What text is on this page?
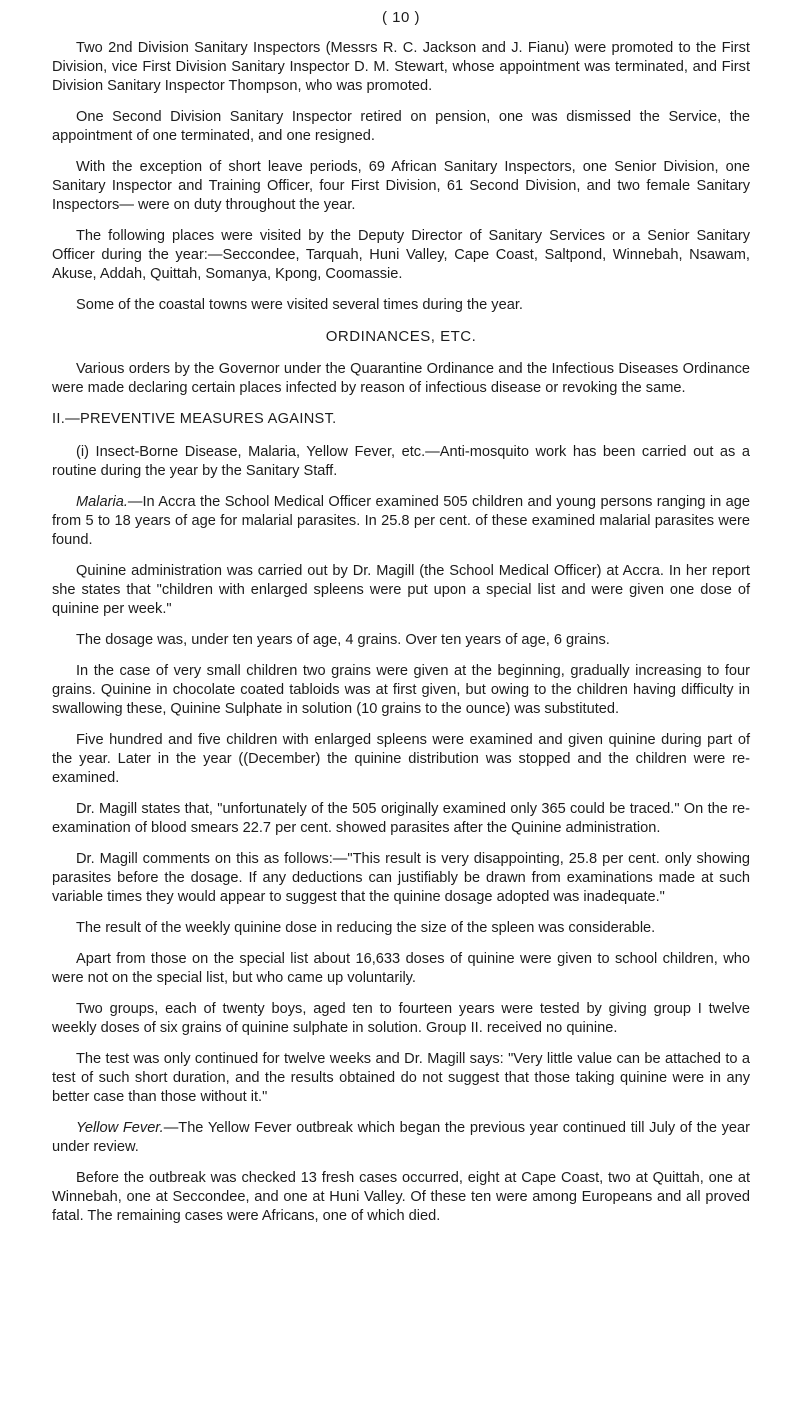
( 10 )

Two 2nd Division Sanitary Inspectors (Messrs R. C. Jackson and J. Fianu) were promoted to the First Division, vice First Division Sanitary Inspector D. M. Stewart, whose appointment was terminated, and First Division Sanitary Inspector Thompson, who was promoted.

One Second Division Sanitary Inspector retired on pension, one was dismissed the Service, the appointment of one terminated, and one resigned.

With the exception of short leave periods, 69 African Sanitary Inspectors, one Senior Division, one Sanitary Inspector and Training Officer, four First Division, 61 Second Division, and two female Sanitary Inspectors— were on duty throughout the year.

The following places were visited by the Deputy Director of Sanitary Services or a Senior Sanitary Officer during the year:—Seccondee, Tarquah, Huni Valley, Cape Coast, Saltpond, Winnebah, Nsawam, Akuse, Addah, Quittah, Somanya, Kpong, Coomassie.

Some of the coastal towns were visited several times during the year.

ORDINANCES, ETC.

Various orders by the Governor under the Quarantine Ordinance and the Infectious Diseases Ordinance were made declaring certain places infected by reason of infectious disease or revoking the same.

II.—PREVENTIVE MEASURES AGAINST.

(i) Insect-Borne Disease, Malaria, Yellow Fever, etc.—Anti-mosquito work has been carried out as a routine during the year by the Sanitary Staff.

Malaria.—In Accra the School Medical Officer examined 505 children and young persons ranging in age from 5 to 18 years of age for malarial parasites. In 25.8 per cent. of these examined malarial parasites were found.

Quinine administration was carried out by Dr. Magill (the School Medical Officer) at Accra. In her report she states that "children with enlarged spleens were put upon a special list and were given one dose of quinine per week."

The dosage was, under ten years of age, 4 grains. Over ten years of age, 6 grains.

In the case of very small children two grains were given at the beginning, gradually increasing to four grains. Quinine in chocolate coated tabloids was at first given, but owing to the children having difficulty in swallowing these, Quinine Sulphate in solution (10 grains to the ounce) was substituted.

Five hundred and five children with enlarged spleens were examined and given quinine during part of the year. Later in the year ((December) the quinine distribution was stopped and the children were re-examined.

Dr. Magill states that, "unfortunately of the 505 originally examined only 365 could be traced." On the re-examination of blood smears 22.7 per cent. showed parasites after the Quinine administration.

Dr. Magill comments on this as follows:—"This result is very disappointing, 25.8 per cent. only showing parasites before the dosage. If any deductions can justifiably be drawn from examinations made at such variable times they would appear to suggest that the quinine dosage adopted was inadequate."

The result of the weekly quinine dose in reducing the size of the spleen was considerable.

Apart from those on the special list about 16,633 doses of quinine were given to school children, who were not on the special list, but who came up voluntarily.

Two groups, each of twenty boys, aged ten to fourteen years were tested by giving group I twelve weekly doses of six grains of quinine sulphate in solution. Group II. received no quinine.

The test was only continued for twelve weeks and Dr. Magill says: "Very little value can be attached to a test of such short duration, and the results obtained do not suggest that those taking quinine were in any better case than those without it."

Yellow Fever.—The Yellow Fever outbreak which began the previous year continued till July of the year under review.

Before the outbreak was checked 13 fresh cases occurred, eight at Cape Coast, two at Quittah, one at Winnebah, one at Seccondee, and one at Huni Valley. Of these ten were among Europeans and all proved fatal. The remaining cases were Africans, one of which died.
